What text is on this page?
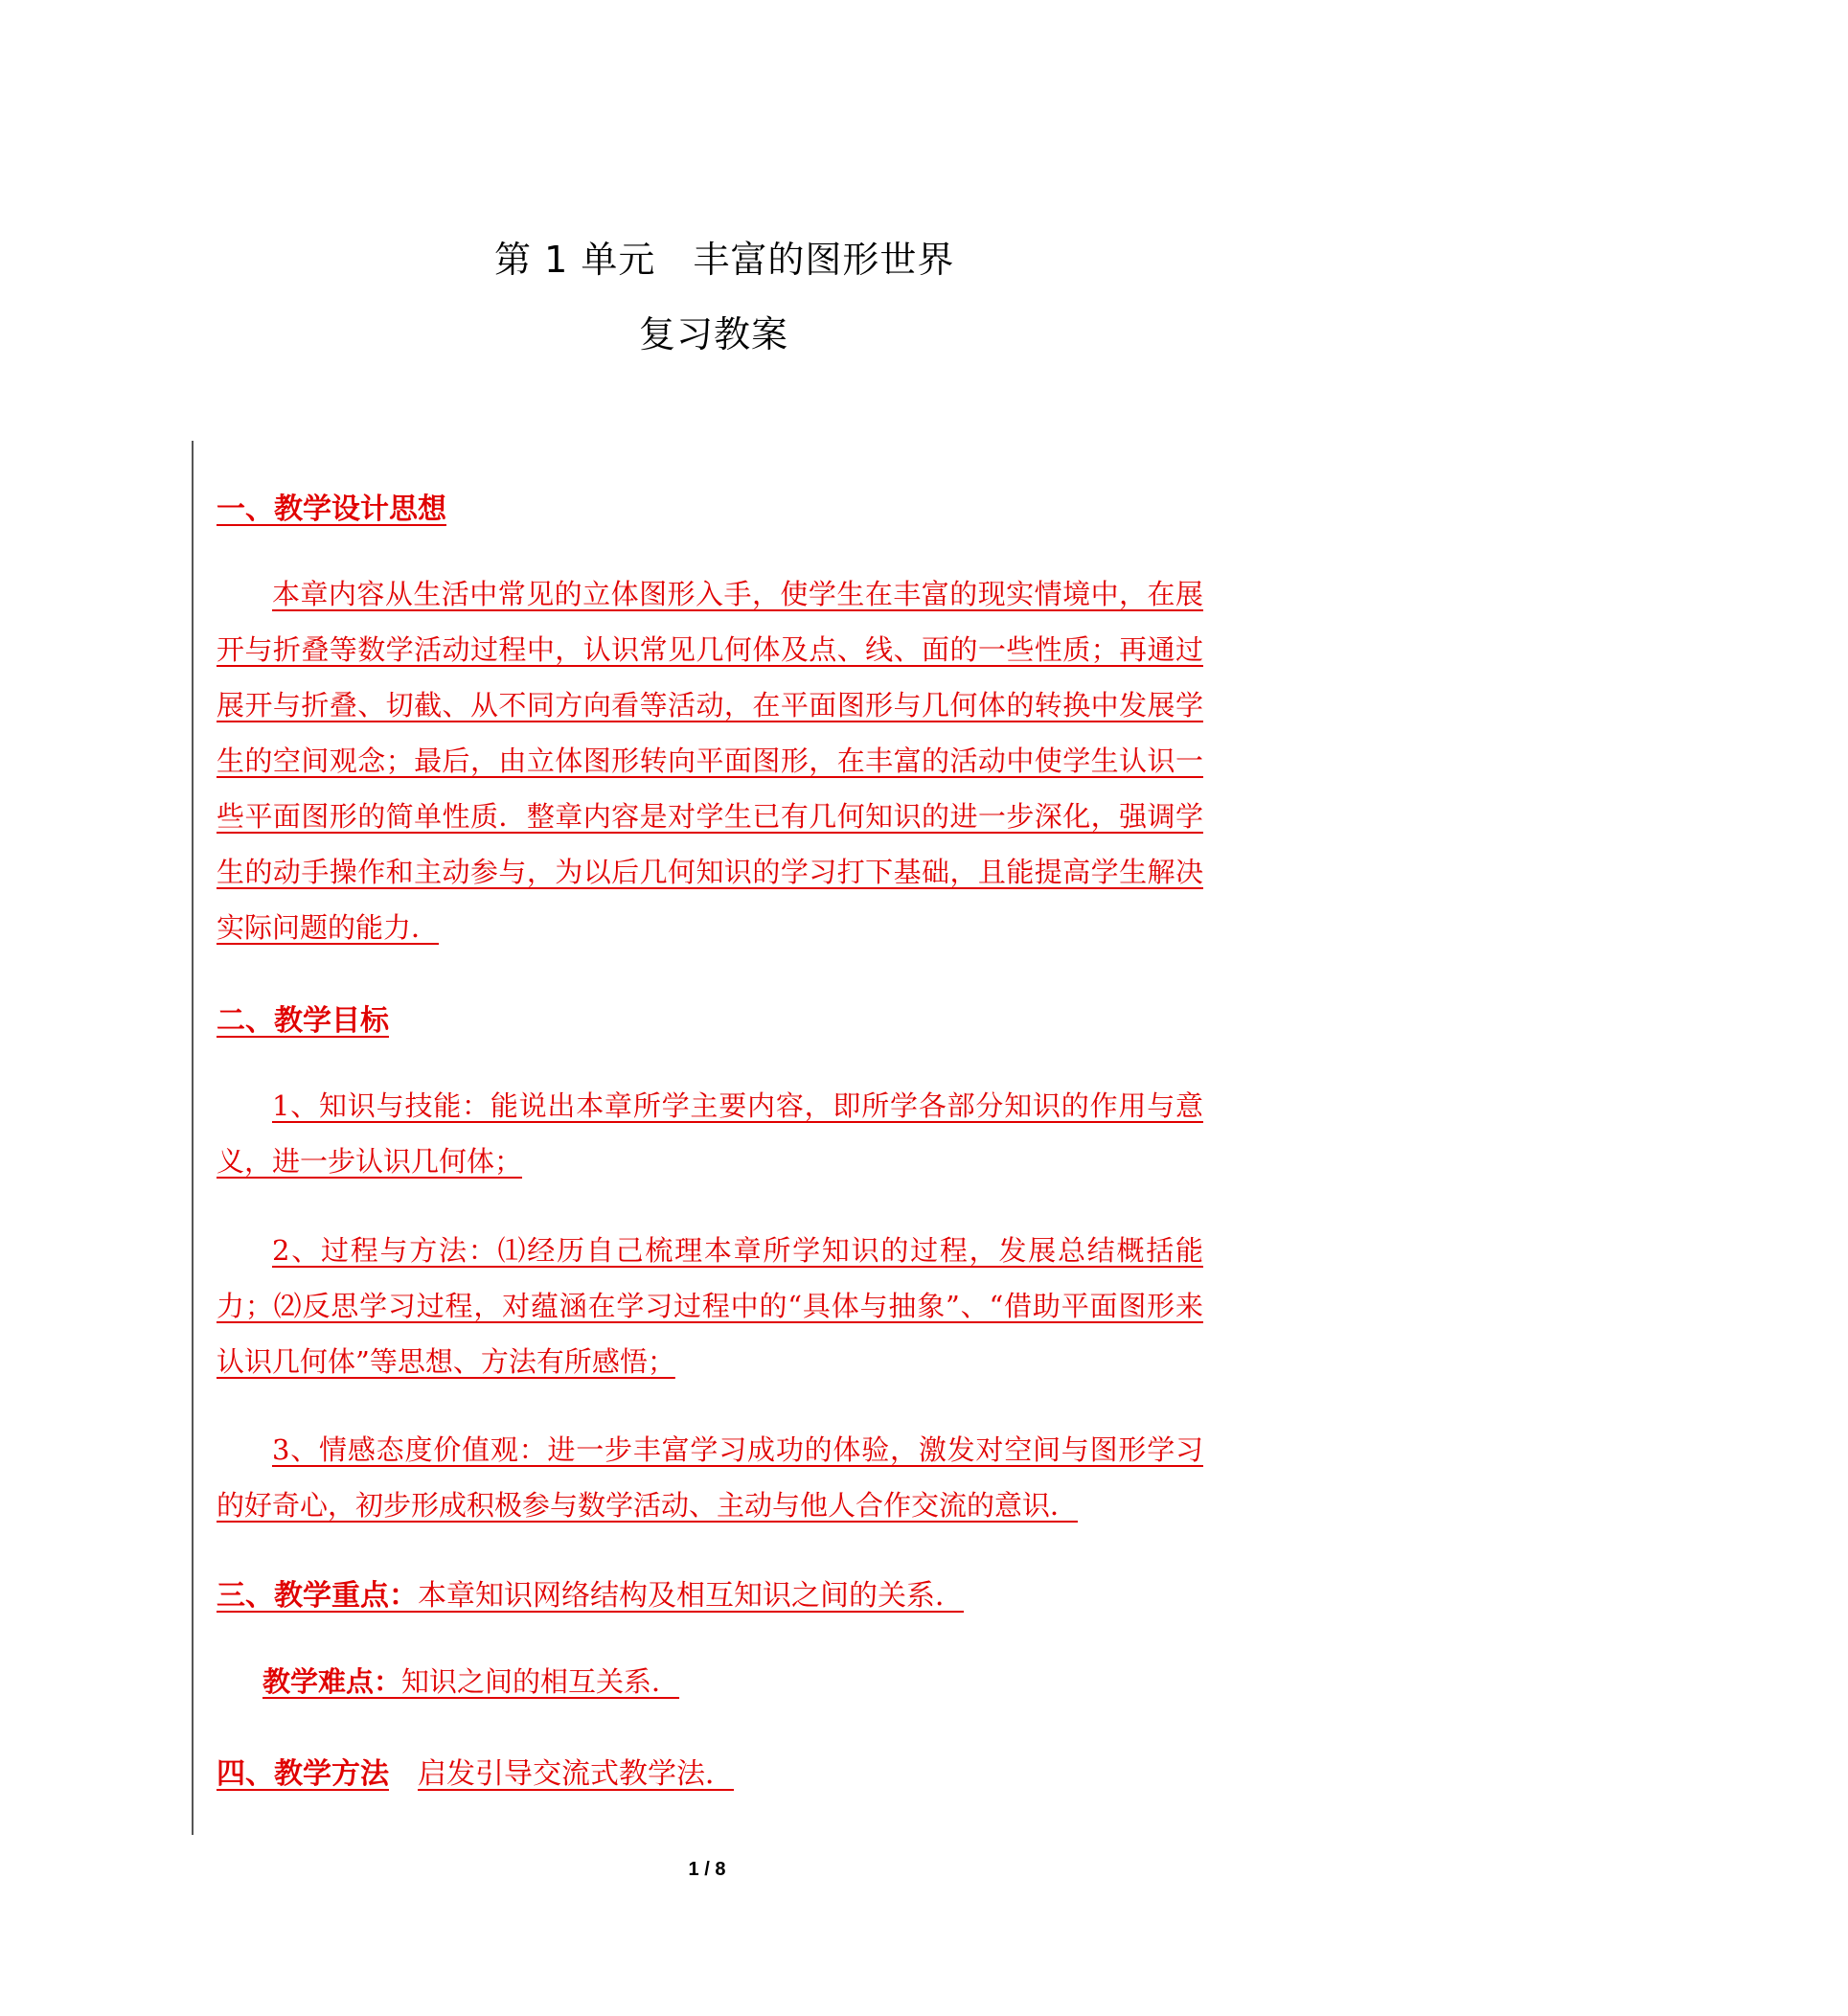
第 1 单元　丰富的图形世界
复习教案
一、教学设计思想
本章内容从生活中常见的立体图形入手，使学生在丰富的现实情境中，在展开与折叠等数学活动过程中，认识常见几何体及点、线、面的一些性质；再通过展开与折叠、切截、从不同方向看等活动，在平面图形与几何体的转换中发展学生的空间观念；最后，由立体图形转向平面图形，在丰富的活动中使学生认识一些平面图形的简单性质．整章内容是对学生已有几何知识的进一步深化，强调学生的动手操作和主动参与，为以后几何知识的学习打下基础，且能提高学生解决实际问题的能力．
二、教学目标
1、知识与技能：能说出本章所学主要内容，即所学各部分知识的作用与意义，进一步认识几何体；
2、过程与方法：⑴经历自己梳理本章所学知识的过程，发展总结概括能力；⑵反思学习过程，对蕴涵在学习过程中的“具体与抽象”、“借助平面图形来认识几何体”等思想、方法有所感悟；
3、情感态度价值观：进一步丰富学习成功的体验，激发对空间与图形学习的好奇心，初步形成积极参与数学活动、主动与他人合作交流的意识．
三、教学重点：本章知识网络结构及相互知识之间的关系．
教学难点：知识之间的相互关系．
四、教学方法 启发引导交流式教学法．
1 / 8
